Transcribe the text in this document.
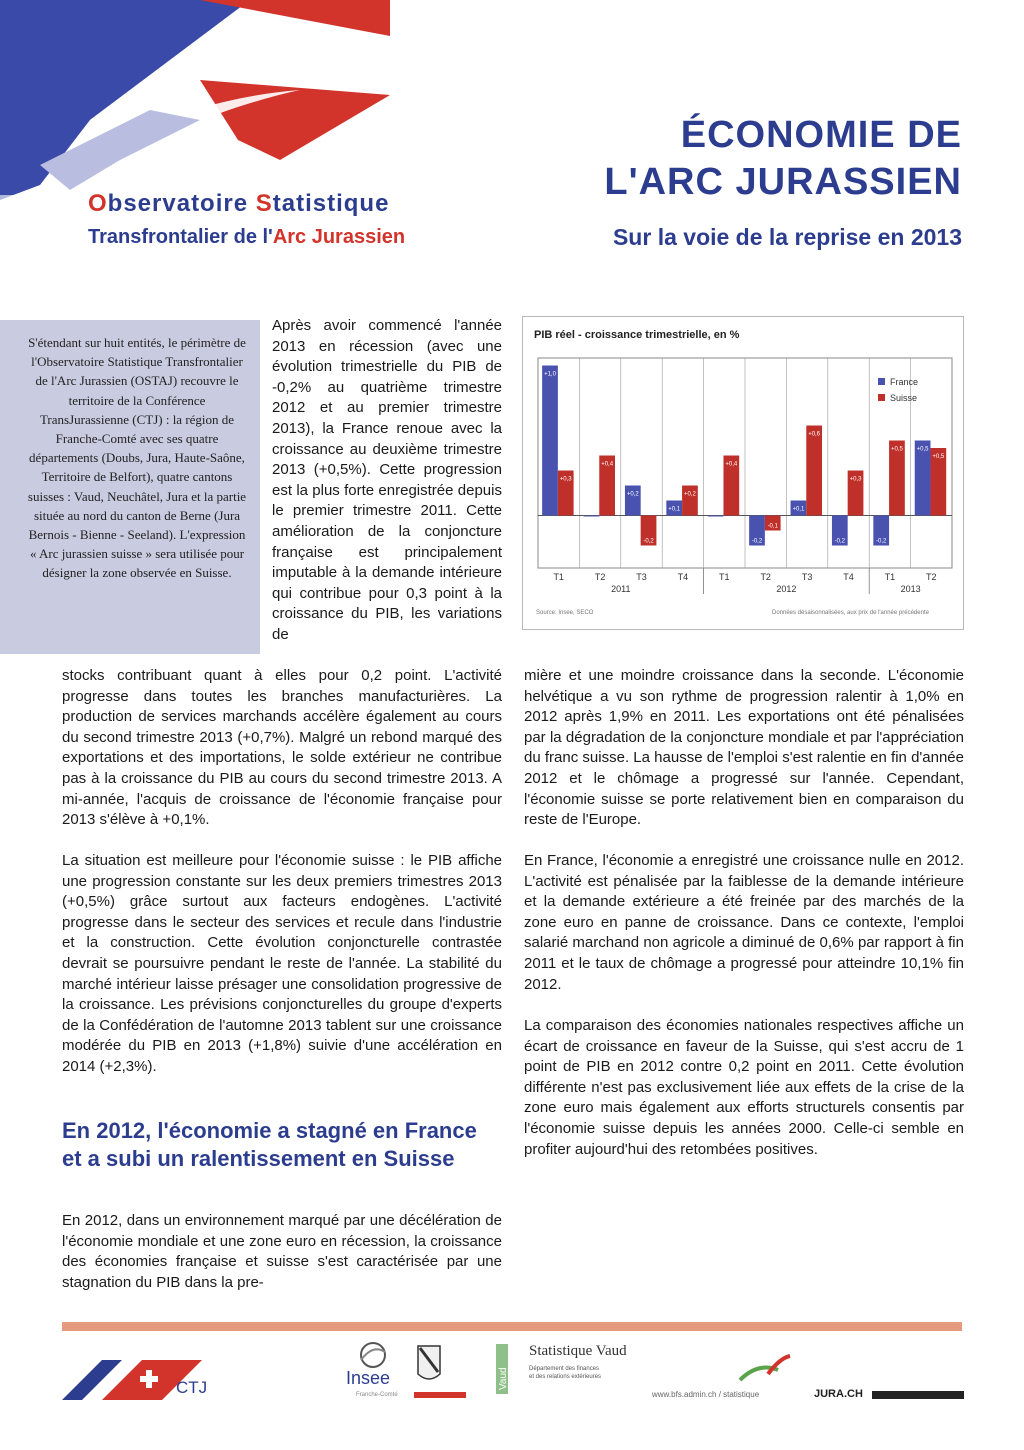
Observatoire Statistique
Transfrontalier de l'Arc Jurassien
ÉCONOMIE DE
L'ARC JURASSIEN
Sur la voie de la reprise en 2013
S'étendant sur huit entités, le périmètre de l'Observatoire Statistique Transfrontalier de l'Arc Jurassien (OSTAJ) recouvre le territoire de la Conférence TransJurassienne (CTJ) : la région de Franche-Comté avec ses quatre départements (Doubs, Jura, Haute-Saône, Territoire de Belfort), quatre cantons suisses : Vaud, Neuchâtel, Jura et la partie située au nord du canton de Berne (Jura Bernois - Bienne - Seeland). L'expression « Arc jurassien suisse » sera utilisée pour désigner la zone observée en Suisse.
Après avoir commencé l'année 2013 en récession (avec une évolution trimestrielle du PIB de -0,2% au quatrième trimestre 2012 et au premier trimestre 2013), la France renoue avec la croissance au deuxième trimestre 2013 (+0,5%). Cette progression est la plus forte enregistrée depuis le premier trimestre 2011. Cette amélioration de la conjoncture française est principalement imputable à la demande intérieure qui contribue pour 0,3 point à la croissance du PIB, les variations de
stocks contribuant quant à elles pour 0,2 point. L'activité progresse dans toutes les branches manufacturières. La production de services marchands accélère également au cours du second trimestre 2013 (+0,7%). Malgré un rebond marqué des exportations et des importations, le solde extérieur ne contribue pas à la croissance du PIB au cours du second trimestre 2013. A mi-année, l'acquis de croissance de l'économie française pour 2013 s'élève à +0,1%.
La situation est meilleure pour l'économie suisse : le PIB affiche une progression constante sur les deux premiers trimestres 2013 (+0,5%) grâce surtout aux facteurs endogènes. L'activité progresse dans le secteur des services et recule dans l'industrie et la construction. Cette évolution conjoncturelle contrastée devrait se poursuivre pendant le reste de l'année. La stabilité du marché intérieur laisse présager une consolidation progressive de la croissance. Les prévisions conjoncturelles du groupe d'experts de la Confédération de l'automne 2013 tablent sur une croissance modérée du PIB en 2013 (+1,8%) suivie d'une accélération en 2014 (+2,3%).
En 2012, l'économie a stagné en France et a subi un ralentissement en Suisse
En 2012, dans un environnement marqué par une décélération de l'économie mondiale et une zone euro en récession, la croissance des économies française et suisse s'est caractérisée par une stagnation du PIB dans la pre-
mière et une moindre croissance dans la seconde. L'économie helvétique a vu son rythme de progression ralentir à 1,0% en 2012 après 1,9% en 2011. Les exportations ont été pénalisées par la dégradation de la conjoncture mondiale et par l'appréciation du franc suisse. La hausse de l'emploi s'est ralentie en fin d'année 2012 et le chômage a progressé sur l'année. Cependant, l'économie suisse se porte relativement bien en comparaison du reste de l'Europe.
En France, l'économie a enregistré une croissance nulle en 2012. L'activité est pénalisée par la faiblesse de la demande intérieure et la demande extérieure a été freinée par des marchés de la zone euro en panne de croissance. Dans ce contexte, l'emploi salarié marchand non agricole a diminué de 0,6% par rapport à fin 2011 et le taux de chômage a progressé pour atteindre 10,1% fin 2012.
La comparaison des économies nationales respectives affiche un écart de croissance en faveur de la Suisse, qui s'est accru de 1 point de PIB en 2012 contre 0,2 point en 2011. Cette évolution différente n'est pas exclusivement liée aux effets de la crise de la zone euro mais également aux efforts structurels consentis par l'économie suisse depuis les années 2000. Celle-ci semble en profiter aujourd'hui des retombées positives.
PIB réel - croissance trimestrielle, en %
+1,0
0,0
+0,2
+0,1
0,0
-0,2
+0,1
-0,2	-0,2
+0,5
+0,3
+0,4
-0,2
+0,2
+0,4
-0,1
+0,6
+0,3
+0,5
+0,5
T1	T2	T3	T4	T1	T2	T3	T4	T1	T2
2011	2012	2013
France
Suisse
Source: Insee, SECO	Données désaisonnalisées, aux prix de l'année précédente
CTJ	Insee
Franche-Comté
Vaud
Statistique Vaud
Département des finances
et des relations extérieures
www.bfs.admin.ch / statistique	JURA.CH
